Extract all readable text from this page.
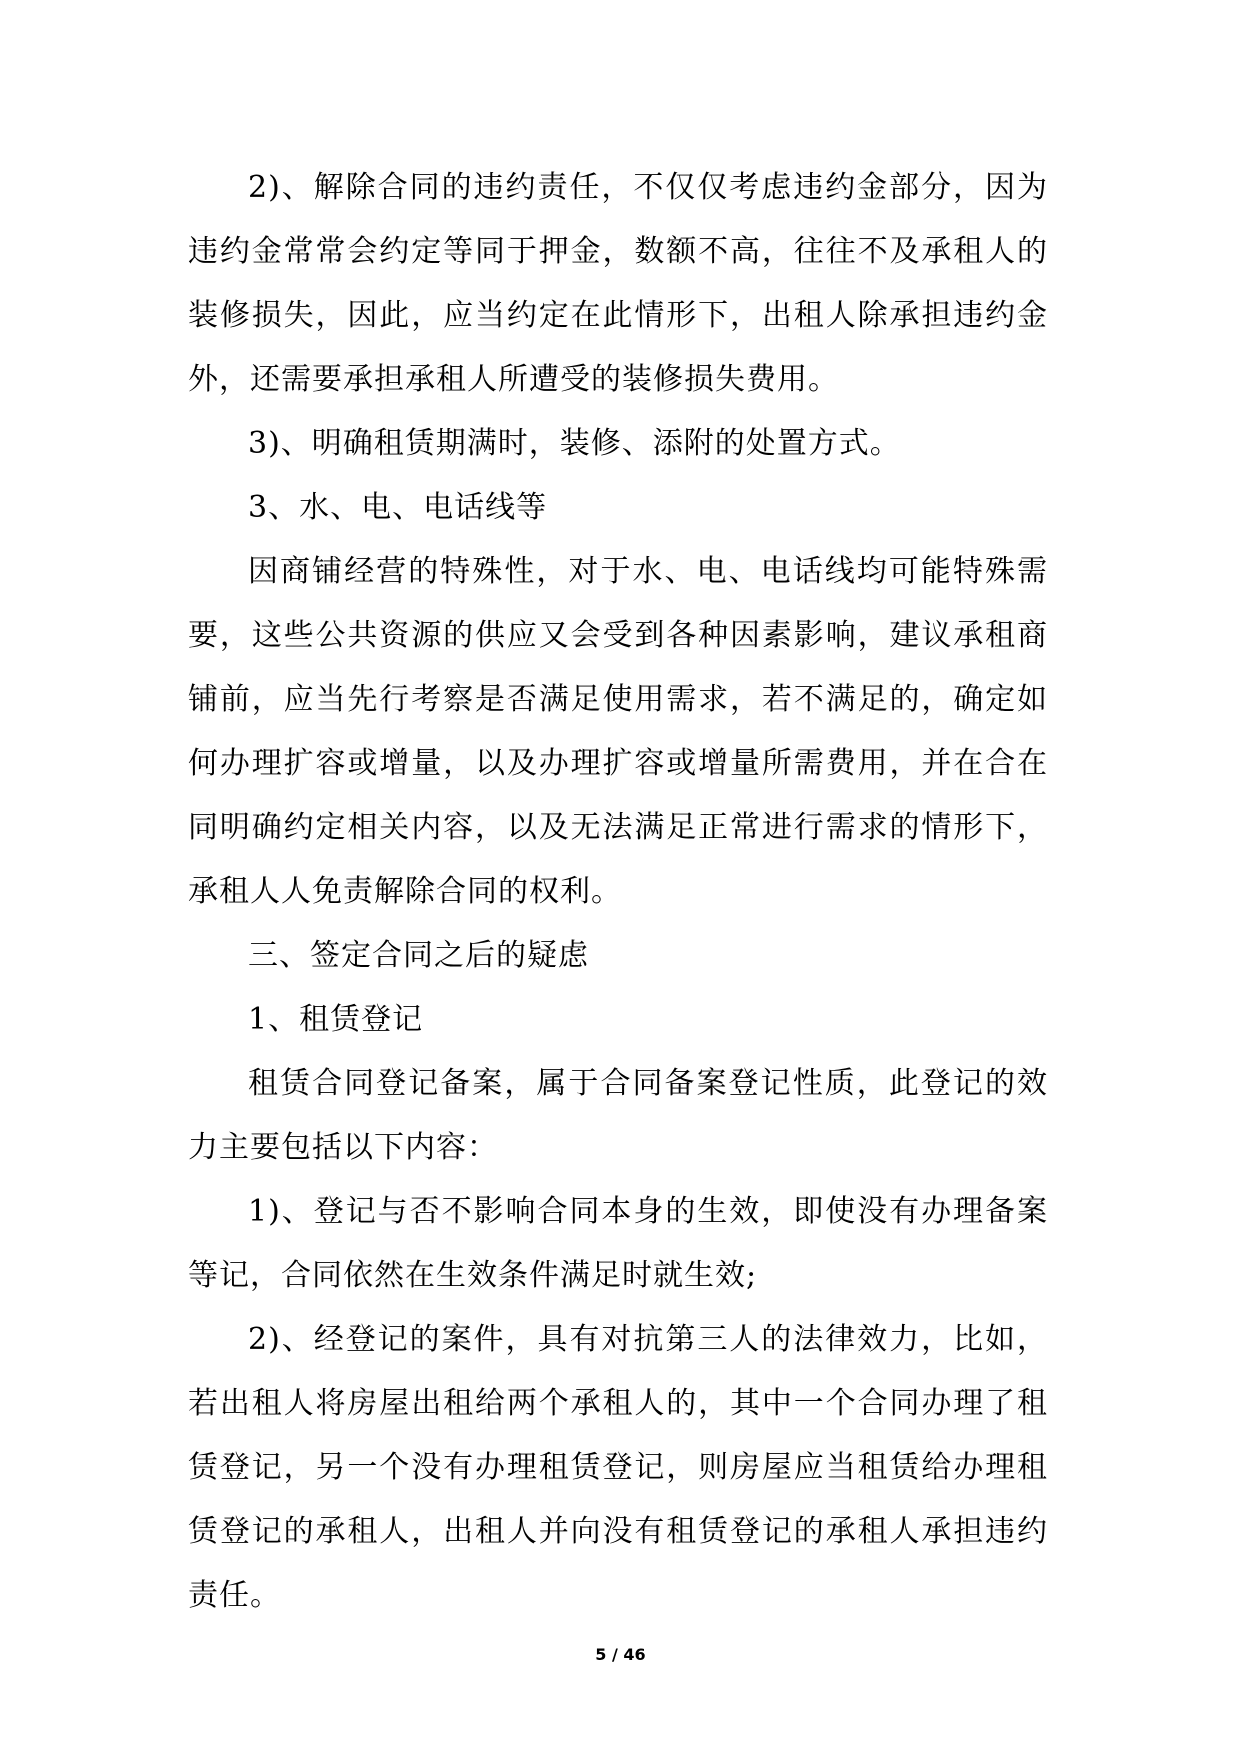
2)、解除合同的违约责任，不仅仅考虑违约金部分，因为违约金常常会约定等同于押金，数额不高，往往不及承租人的装修损失，因此，应当约定在此情形下，出租人除承担违约金外，还需要承担承租人所遭受的装修损失费用。

3)、明确租赁期满时，装修、添附的处置方式。

3、水、电、电话线等

因商铺经营的特殊性，对于水、电、电话线均可能特殊需要，这些公共资源的供应又会受到各种因素影响，建议承租商铺前，应当先行考察是否满足使用需求，若不满足的，确定如何办理扩容或增量，以及办理扩容或增量所需费用，并在合在同明确约定相关内容，以及无法满足正常进行需求的情形下，承租人人免责解除合同的权利。

三、签定合同之后的疑虑

1、租赁登记

租赁合同登记备案，属于合同备案登记性质，此登记的效力主要包括以下内容：

1)、登记与否不影响合同本身的生效，即使没有办理备案等记，合同依然在生效条件满足时就生效;

2)、经登记的案件，具有对抗第三人的法律效力，比如，若出租人将房屋出租给两个承租人的，其中一个合同办理了租赁登记，另一个没有办理租赁登记，则房屋应当租赁给办理租赁登记的承租人，出租人并向没有租赁登记的承租人承担违约责任。

5 / 46
